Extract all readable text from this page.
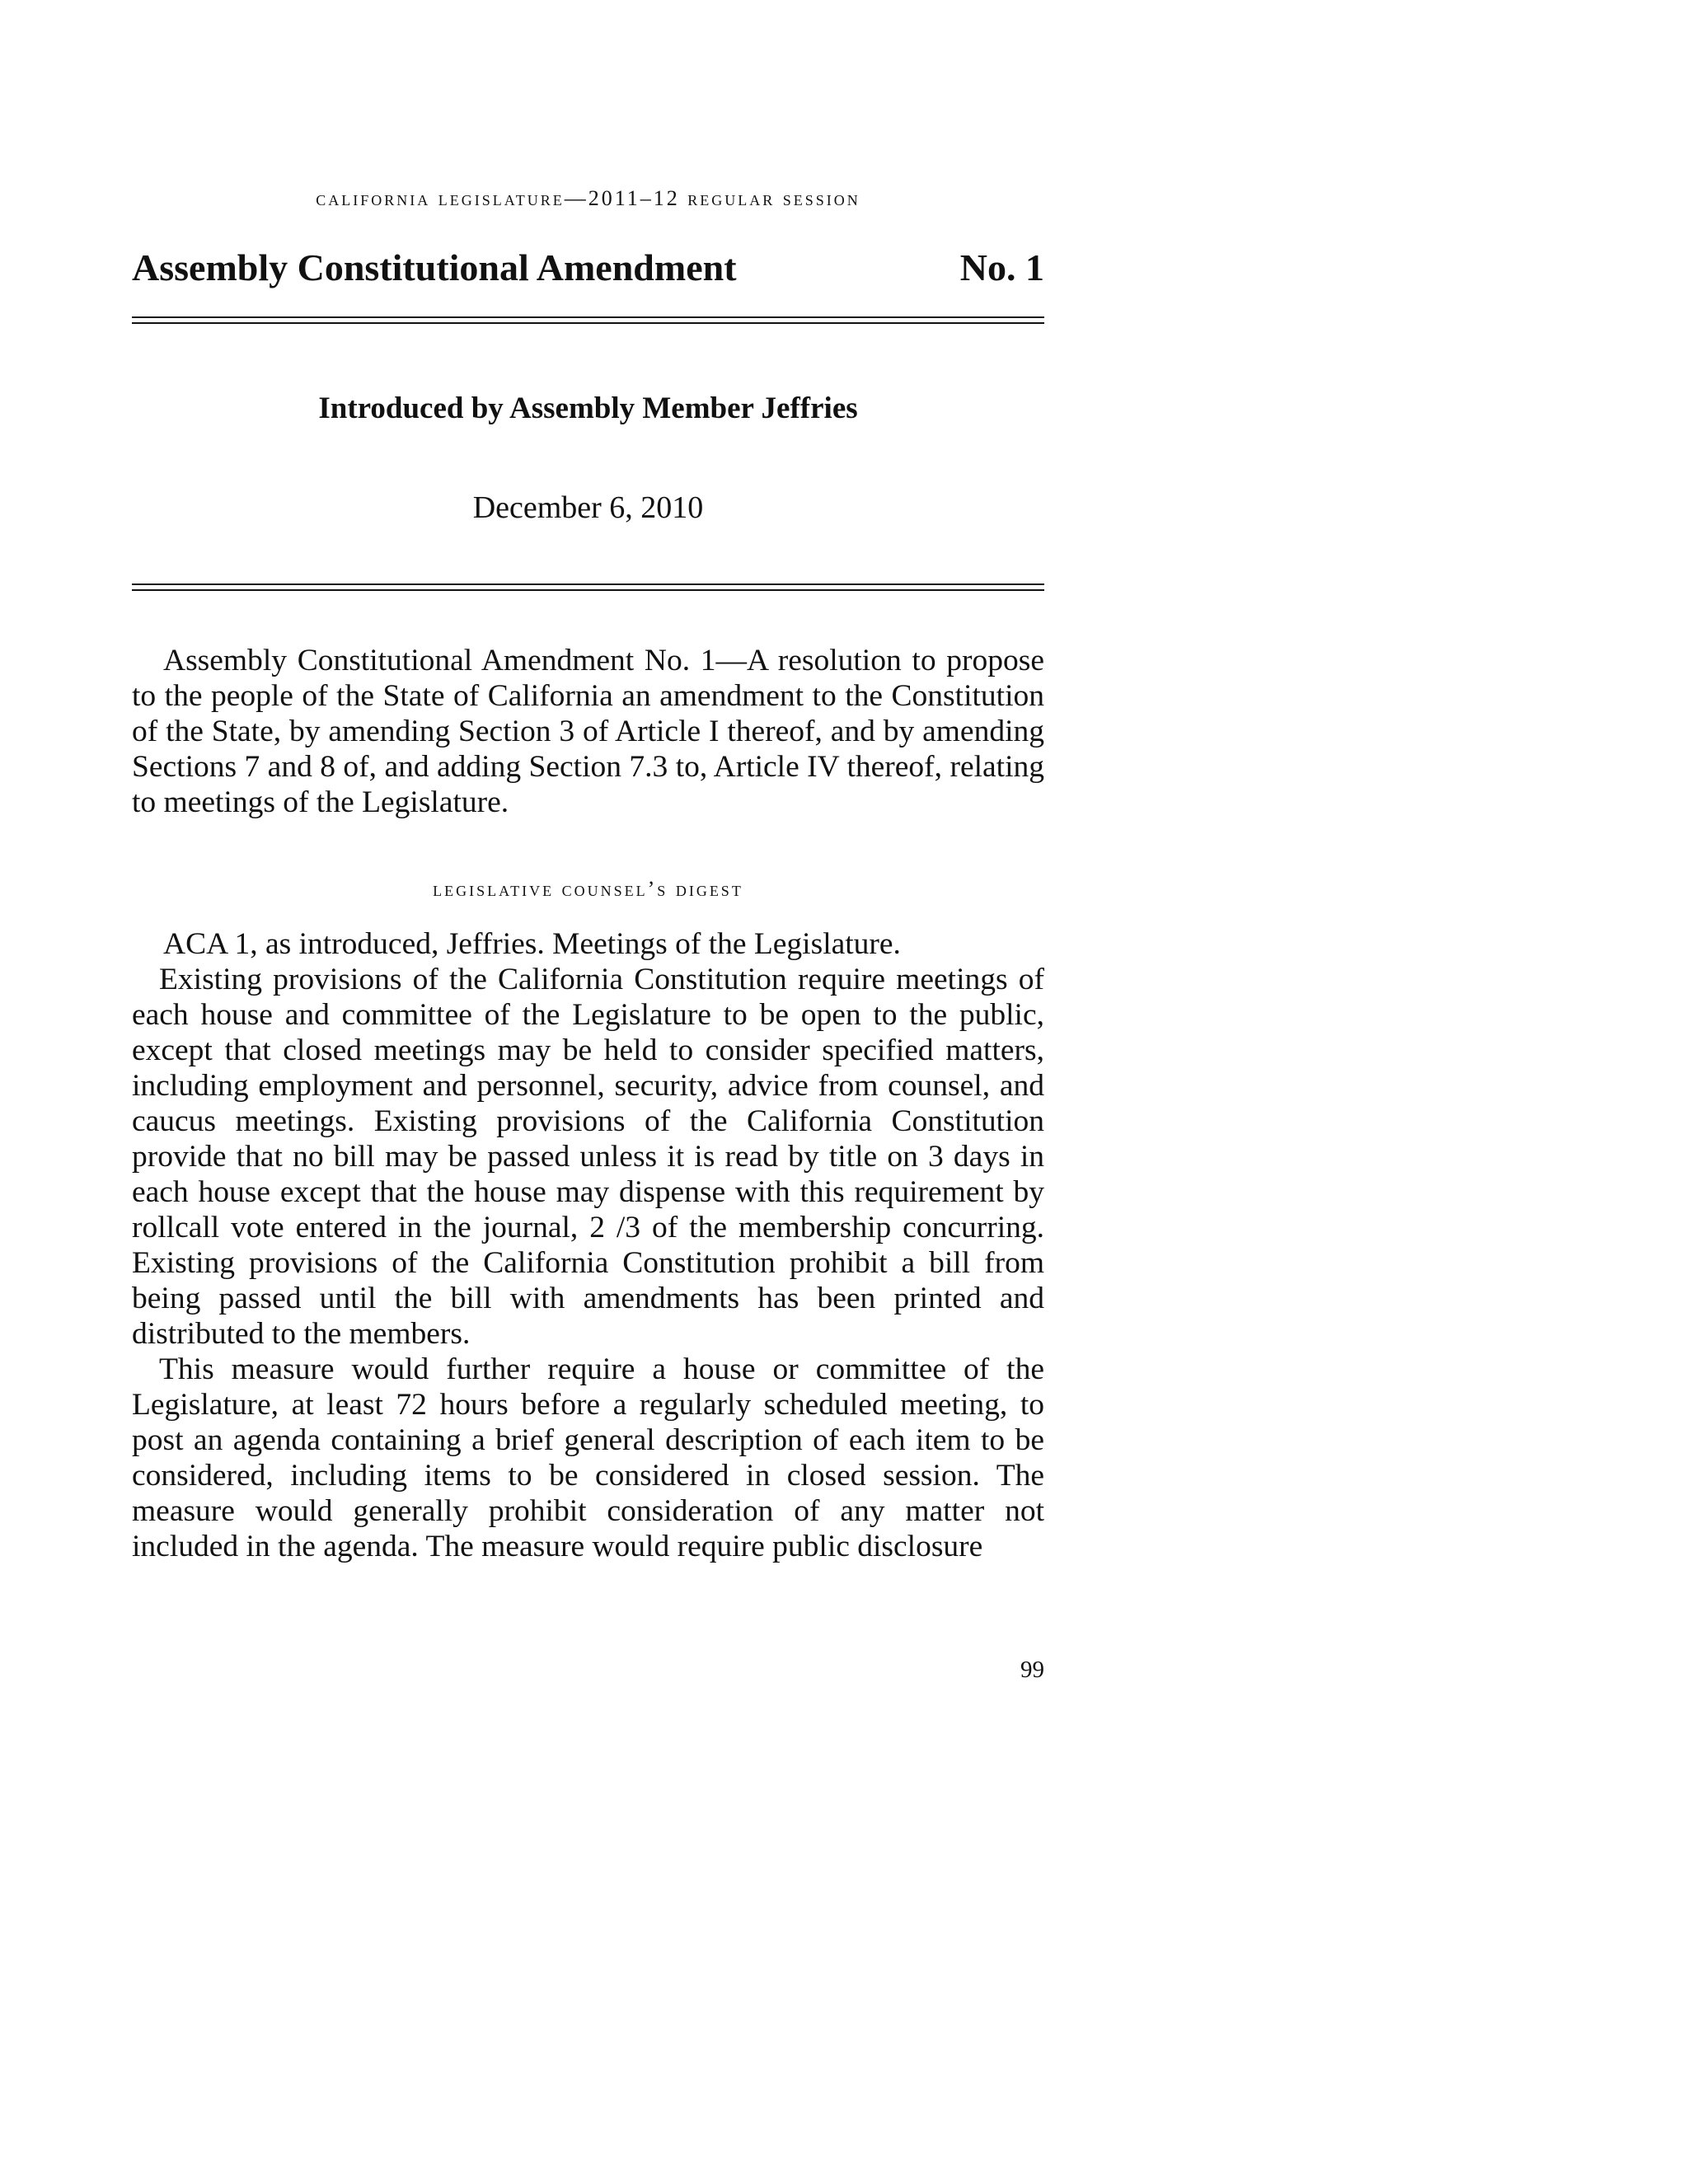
california legislature—2011–12 regular session
Assembly Constitutional Amendment	No. 1
Introduced by Assembly Member Jeffries
December 6, 2010
Assembly Constitutional Amendment No. 1—A resolution to propose to the people of the State of California an amendment to the Constitution of the State, by amending Section 3 of Article I thereof, and by amending Sections 7 and 8 of, and adding Section 7.3 to, Article IV thereof, relating to meetings of the Legislature.
legislative counsel’s digest

ACA 1, as introduced, Jeffries. Meetings of the Legislature.

Existing provisions of the California Constitution require meetings of each house and committee of the Legislature to be open to the public, except that closed meetings may be held to consider specified matters, including employment and personnel, security, advice from counsel, and caucus meetings. Existing provisions of the California Constitution provide that no bill may be passed unless it is read by title on 3 days in each house except that the house may dispense with this requirement by rollcall vote entered in the journal, 2 /3 of the membership concurring. Existing provisions of the California Constitution prohibit a bill from being passed until the bill with amendments has been printed and distributed to the members.

This measure would further require a house or committee of the Legislature, at least 72 hours before a regularly scheduled meeting, to post an agenda containing a brief general description of each item to be considered, including items to be considered in closed session. The measure would generally prohibit consideration of any matter not included in the agenda. The measure would require public disclosure

99
